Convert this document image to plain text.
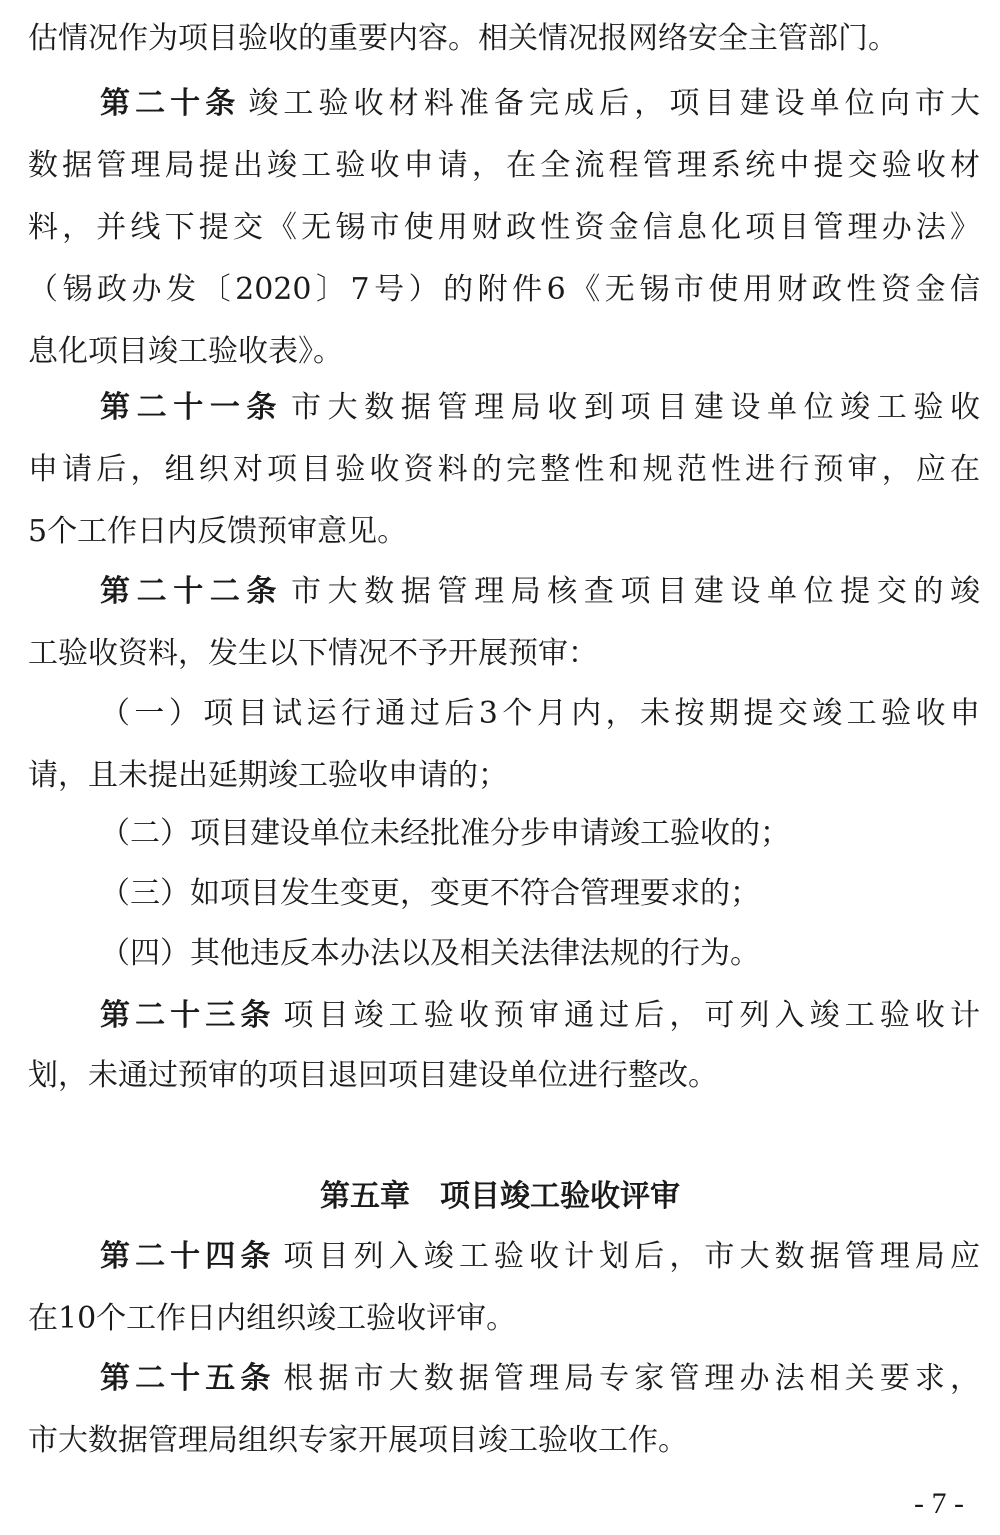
估情况作为项目验收的重要内容。相关情况报网络安全主管部门。
第二十条 竣工验收材料准备完成后，项目建设单位向市大
数据管理局提出竣工验收申请，在全流程管理系统中提交验收材
料，并线下提交《无锡市使用财政性资金信息化项目管理办法》
（锡政办发〔2020〕7号）的附件6《无锡市使用财政性资金信
息化项目竣工验收表》。
第二十一条 市大数据管理局收到项目建设单位竣工验收
申请后，组织对项目验收资料的完整性和规范性进行预审，应在
5个工作日内反馈预审意见。
第二十二条 市大数据管理局核查项目建设单位提交的竣
工验收资料，发生以下情况不予开展预审：
（一）项目试运行通过后3个月内，未按期提交竣工验收申
请，且未提出延期竣工验收申请的；
（二）项目建设单位未经批准分步申请竣工验收的；
（三）如项目发生变更，变更不符合管理要求的；
（四）其他违反本办法以及相关法律法规的行为。
第二十三条 项目竣工验收预审通过后，可列入竣工验收计
划，未通过预审的项目退回项目建设单位进行整改。
第五章　项目竣工验收评审
第二十四条 项目列入竣工验收计划后，市大数据管理局应
在10个工作日内组织竣工验收评审。
第二十五条 根据市大数据管理局专家管理办法相关要求，
市大数据管理局组织专家开展项目竣工验收工作。
- 7 -
